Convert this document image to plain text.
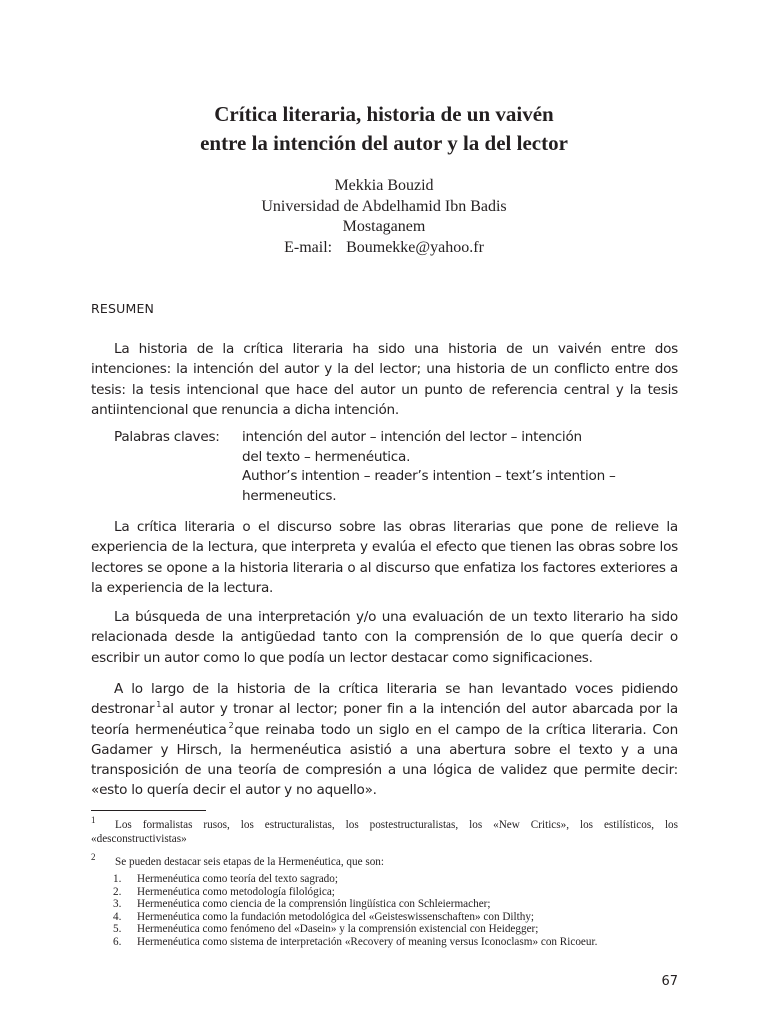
Crítica literaria, historia de un vaivén
entre la intención del autor y la del lector
Mekkia Bouzid
Universidad de Abdelhamid Ibn Badis
Mostaganem
E-mail: Boumekke@yahoo.fr
RESUMEN

La historia de la crítica literaria ha sido una historia de un vaivén entre dos intenciones: la intención del autor y la del lector; una historia de un conflicto entre dos tesis: la tesis intencional que hace del autor un punto de referencia central y la tesis antiintencional que renuncia a dicha intención.

Palabras claves: intención del autor – intención del lector – intención
del texto – hermenéutica.
Author’s intention – reader’s intention – text’s intention –
hermeneutics.

La crítica literaria o el discurso sobre las obras literarias que pone de relieve la experiencia de la lectura, que interpreta y evalúa el efecto que tienen las obras sobre los lectores se opone a la historia literaria o al discurso que enfatiza los factores exteriores a la experiencia de la lectura.

La búsqueda de una interpretación y/o una evaluación de un texto literario ha sido relacionada desde la antigüedad tanto con la comprensión de lo que quería decir o escribir un autor como lo que podía un lector destacar como significaciones.

A lo largo de la historia de la crítica literaria se han levantado voces pidiendo destronar $^1$al autor y tronar al lector; poner fin a la intención del autor abarcada por la teoría hermenéutica $^2$que reinaba todo un siglo en el campo de la crítica literaria. Con Gadamer y Hirsch, la hermenéutica asistió a una abertura sobre el texto y a una transposición de una teoría de compresión a una lógica de validez que permite decir: «esto lo quería decir el autor y no aquello».

1	Los formalistas rusos, los estructuralistas, los postestructuralistas, los «New Critics», los estilísticos, los «desconstructivistas»
2	Se pueden destacar seis etapas de la Hermenéutica, que son:
1. Hermenéutica como teoría del texto sagrado;
2. Hermenéutica como metodología filológica;
3. Hermenéutica como ciencia de la comprensión lingüística con Schleiermacher;
4. Hermenéutica como la fundación metodológica del «Geisteswissenschaften» con Dilthy;
5. Hermenéutica como fenómeno del «Dasein» y la comprensión existencial con Heidegger;
6. Hermenéutica como sistema de interpretación «Recovery of meaning versus Iconoclasm» con Ricoeur.
67
